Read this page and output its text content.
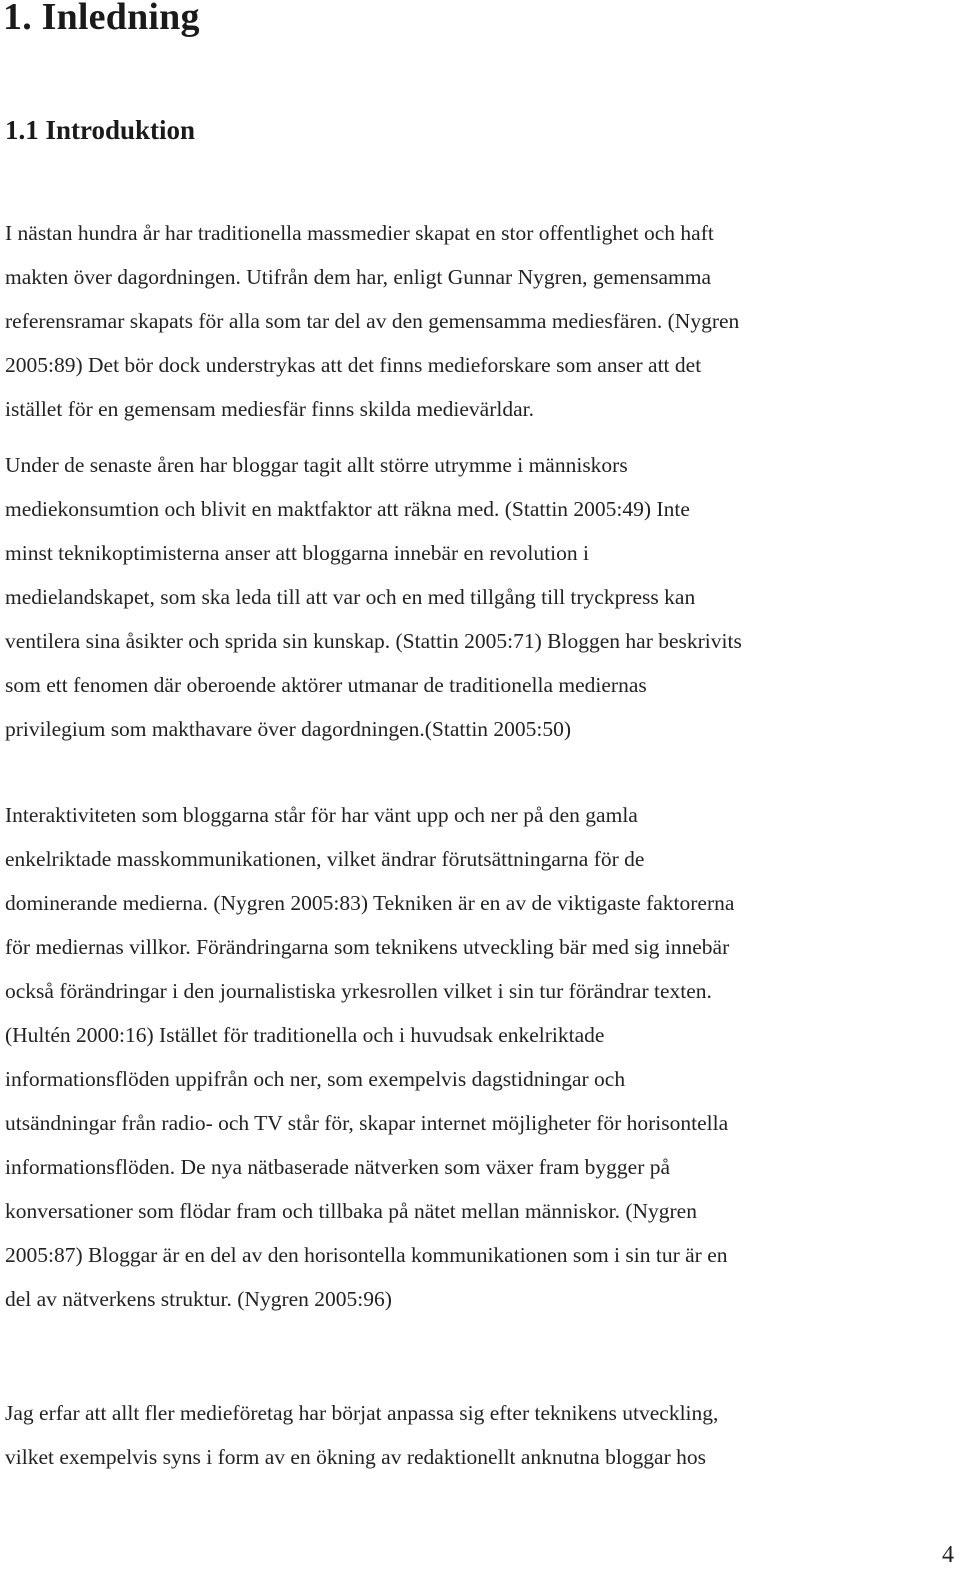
1. Inledning
1.1 Introduktion

I nästan hundra år har traditionella massmedier skapat en stor offentlighet och haft
makten över dagordningen. Utifrån dem har, enligt Gunnar Nygren, gemensamma
referensramar skapats för alla som tar del av den gemensamma mediesfären. (Nygren
2005:89) Det bör dock understrykas att det finns medieforskare som anser att det
istället för en gemensam mediesfär finns skilda medievärldar.

Under de senaste åren har bloggar tagit allt större utrymme i människors
mediekonsumtion och blivit en maktfaktor att räkna med. (Stattin 2005:49) Inte
minst teknikoptimisterna anser att bloggarna innebär en revolution i
medielandskapet, som ska leda till att var och en med tillgång till tryckpress kan
ventilera sina åsikter och sprida sin kunskap. (Stattin 2005:71) Bloggen har beskrivits
som ett fenomen där oberoende aktörer utmanar de traditionella mediernas
privilegium som makthavare över dagordningen.(Stattin 2005:50)

Interaktiviteten som bloggarna står för har vänt upp och ner på den gamla
enkelriktade masskommunikationen, vilket ändrar förutsättningarna för de
dominerande medierna. (Nygren 2005:83) Tekniken är en av de viktigaste faktorerna
för mediernas villkor. Förändringarna som teknikens utveckling bär med sig innebär
också förändringar i den journalistiska yrkesrollen vilket i sin tur förändrar texten.
(Hultén 2000:16) Istället för traditionella och i huvudsak enkelriktade
informationsflöden uppifrån och ner, som exempelvis dagstidningar och
utsändningar från radio- och TV står för, skapar internet möjligheter för horisontella
informationsflöden. De nya nätbaserade nätverken som växer fram bygger på
konversationer som flödar fram och tillbaka på nätet mellan människor. (Nygren
2005:87) Bloggar är en del av den horisontella kommunikationen som i sin tur är en
del av nätverkens struktur. (Nygren 2005:96)

Jag erfar att allt fler medieföretag har börjat anpassa sig efter teknikens utveckling,
vilket exempelvis syns i form av en ökning av redaktionellt anknutna bloggar hos

4
